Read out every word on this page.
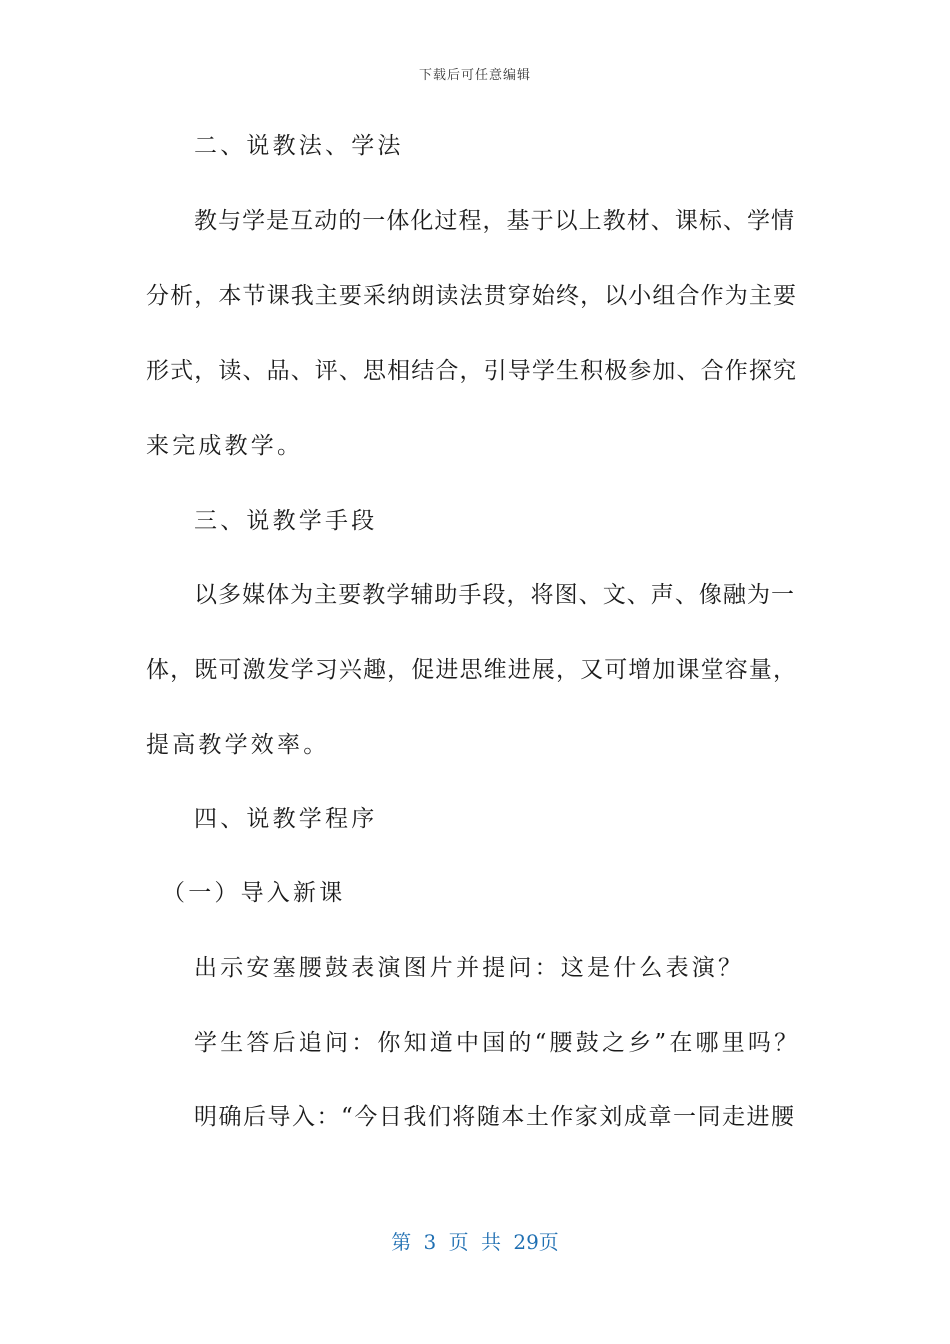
下载后可任意编辑
二、说教法、学法
教与学是互动的一体化过程，基于以上教材、课标、学情
分析，本节课我主要采纳朗读法贯穿始终，以小组合作为主要
形式，读、品、评、思相结合，引导学生积极参加、合作探究
来完成教学。
三、说教学手段
以多媒体为主要教学辅助手段，将图、文、声、像融为一
体，既可激发学习兴趣，促进思维进展，又可增加课堂容量，
提高教学效率。
四、说教学程序
（一）导入新课
出示安塞腰鼓表演图片并提问：这是什么表演？
学生答后追问：你知道中国的“腰鼓之乡”在哪里吗？
明确后导入：“今日我们将随本土作家刘成章一同走进腰
第 3 页 共 29页
